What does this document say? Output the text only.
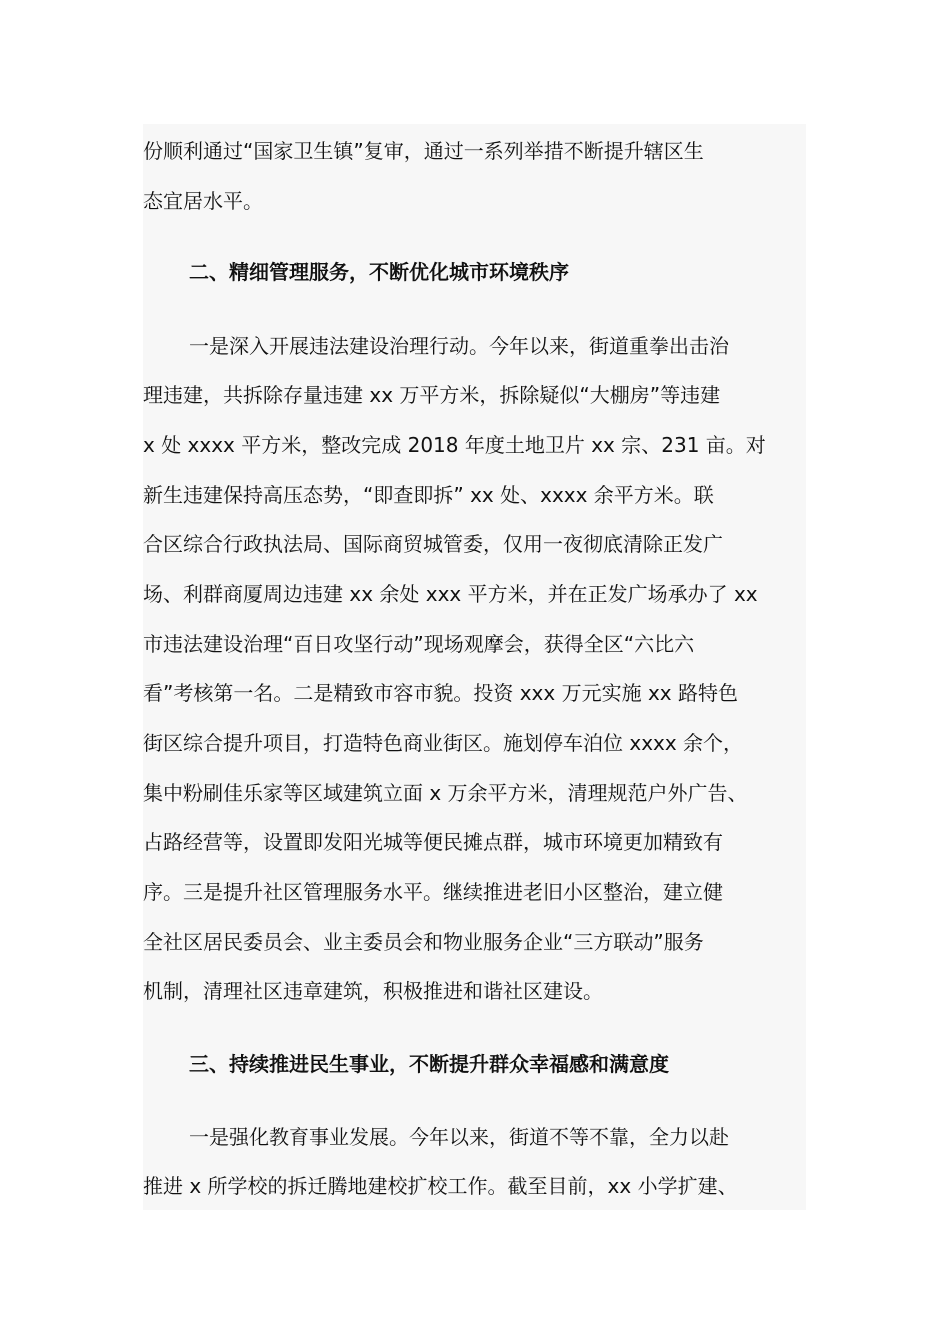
份顺利通过“国家卫生镇”复审，通过一系列举措不断提升辖区生
态宜居水平。
二、精细管理服务，不断优化城市环境秩序
一是深入开展违法建设治理行动。今年以来，街道重拳出击治
理违建，共拆除存量违建 xx 万平方米，拆除疑似“大棚房”等违建
x 处 xxxx 平方米，整改完成 2018 年度土地卫片 xx 宗、231 亩。对
新生违建保持高压态势，“即查即拆” xx 处、xxxx 余平方米。联
合区综合行政执法局、国际商贸城管委，仅用一夜彻底清除正发广
场、利群商厦周边违建 xx 余处 xxx 平方米，并在正发广场承办了 xx
市违法建设治理“百日攻坚行动”现场观摩会，获得全区“六比六
看”考核第一名。二是精致市容市貌。投资 xxx 万元实施 xx 路特色
街区综合提升项目，打造特色商业街区。施划停车泊位 xxxx 余个，
集中粉刷佳乐家等区域建筑立面 x 万余平方米，清理规范户外广告、
占路经营等，设置即发阳光城等便民摊点群，城市环境更加精致有
序。三是提升社区管理服务水平。继续推进老旧小区整治，建立健
全社区居民委员会、业主委员会和物业服务企业“三方联动”服务
机制，清理社区违章建筑，积极推进和谐社区建设。
三、持续推进民生事业，不断提升群众幸福感和满意度
一是强化教育事业发展。今年以来，街道不等不靠，全力以赴
推进 x 所学校的拆迁腾地建校扩校工作。截至目前，xx 小学扩建、
